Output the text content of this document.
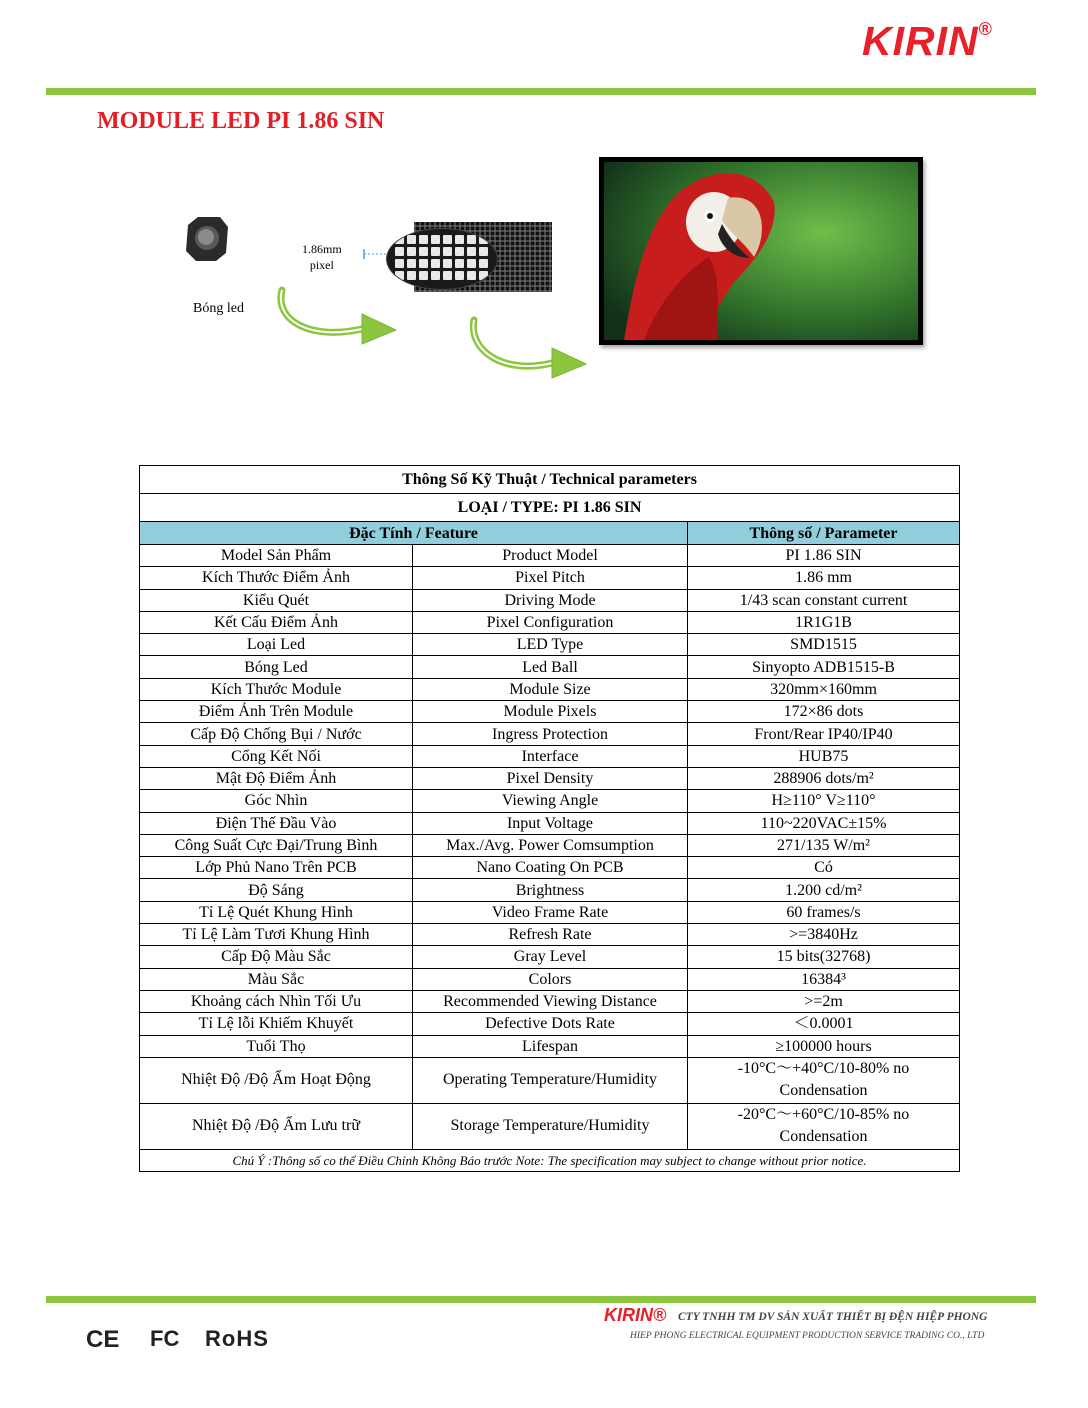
KIRIN®
MODULE LED PI 1.86 SIN
Bóng led
1.86mm
pixel
Thông Số Kỹ Thuật / Technical parameters		
LOẠI / TYPE: PI 1.86 SIN		
Đặc Tính / Feature		Thông số / Parameter
Model Sản Phẩm	Product Model	PI 1.86 SIN
Kích Thước Điểm Ảnh	Pixel Pitch	1.86 mm
Kiểu Quét	Driving Mode	1/43 scan constant current
Kết Cấu Điểm Ảnh	Pixel Configuration	1R1G1B
Loại Led	LED Type	SMD1515
Bóng Led	Led Ball	Sinyopto ADB1515-B
Kích Thước Module	Module Size	320mm×160mm
Điểm Ảnh Trên Module	Module Pixels	172×86 dots
Cấp Độ Chống Bụi / Nước	Ingress Protection	Front/Rear IP40/IP40
Cổng Kết Nối	Interface	HUB75
Mật Độ Điểm Ảnh	Pixel Density	288906 dots/m²
Góc Nhìn	Viewing Angle	H≥110° V≥110°
Điện Thế Đầu Vào	Input Voltage	110~220VAC±15%
Công Suất Cực Đại/Trung Bình	Max./Avg. Power Comsumption	271/135 W/m²
Lớp Phủ Nano Trên PCB	Nano Coating On PCB	Có
Độ Sáng	Brightness	1.200 cd/m²
Tỉ Lệ Quét Khung Hình	Video Frame Rate	60 frames/s
Tỉ Lệ Làm Tươi Khung Hình	Refresh Rate	>=3840Hz
Cấp Độ Màu Sắc	Gray Level	15 bits(32768)
Màu Sắc	Colors	16384³
Khoảng cách Nhìn Tối Ưu	Recommended Viewing Distance	>=2m
Tỉ Lệ lỗi Khiếm Khuyết	Defective Dots Rate	＜0.0001
Tuổi Thọ	Lifespan	≥100000 hours
Nhiệt Độ /Độ Ẩm Hoạt Động	Operating Temperature/Humidity	-10°C～+40°C/10-80% no
Condensation

Nhiệt Độ /Độ Ẩm Lưu trữ	Storage Temperature/Humidity	-20°C～+60°C/10-85% no
Condensation

Chú Ý :Thông số co thể Điều Chỉnh Không Báo trước Note: The specification may subject to change without prior notice.		
KIRIN® CTY TNHH TM DV SẢN XUẤT THIẾT BỊ ĐỆN HIỆP PHONG
HIEP PHONG ELECTRICAL EQUIPMENT PRODUCTION SERVICE TRADING CO., LTD
CE FC RoHS
